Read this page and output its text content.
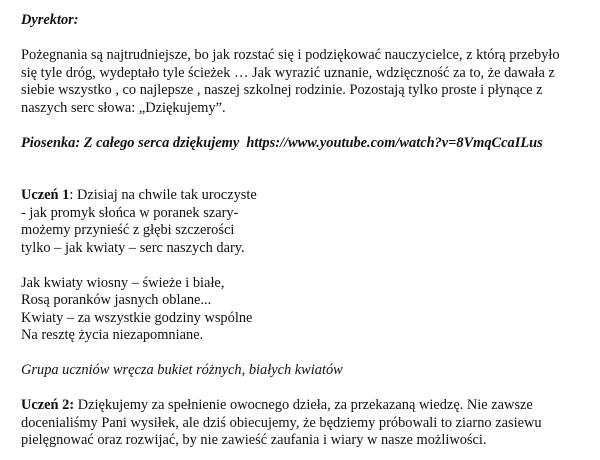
Dyrektor:
Pożegnania są najtrudniejsze, bo jak rozstać się i podziękować nauczycielce, z którą przebyło
się tyle dróg, wydeptało tyle ścieżek … Jak wyrazić uznanie, wdzięczność za to, że dawała z
siebie wszystko , co najlepsze , naszej szkolnej rodzinie. Pozostają tylko proste i płynące z
naszych serc słowa: „Dziękujemy”.
Piosenka: Z całego serca dziękujemy https://www.youtube.com/watch?v=8VmqCcaILus
Uczeń 1: Dzisiaj na chwile tak uroczyste
- jak promyk słońca w poranek szary-
możemy przynieść z głębi szczerości
tylko – jak kwiaty – serc naszych dary.
Jak kwiaty wiosny – świeże i białe,
Rosą poranków jasnych oblane...
Kwiaty – za wszystkie godziny wspólne
Na resztę życia niezapomniane.
Grupa uczniów wręcza bukiet różnych, białych kwiatów
Uczeń 2: Dziękujemy za spełnienie owocnego dzieła, za przekazaną wiedzę. Nie zawsze
docenialiśmy Pani wysiłek, ale dziś obiecujemy, że będziemy próbowali to ziarno zasiewu
pielęgnować oraz rozwijać, by nie zawieść zaufania i wiary w nasze możliwości.
